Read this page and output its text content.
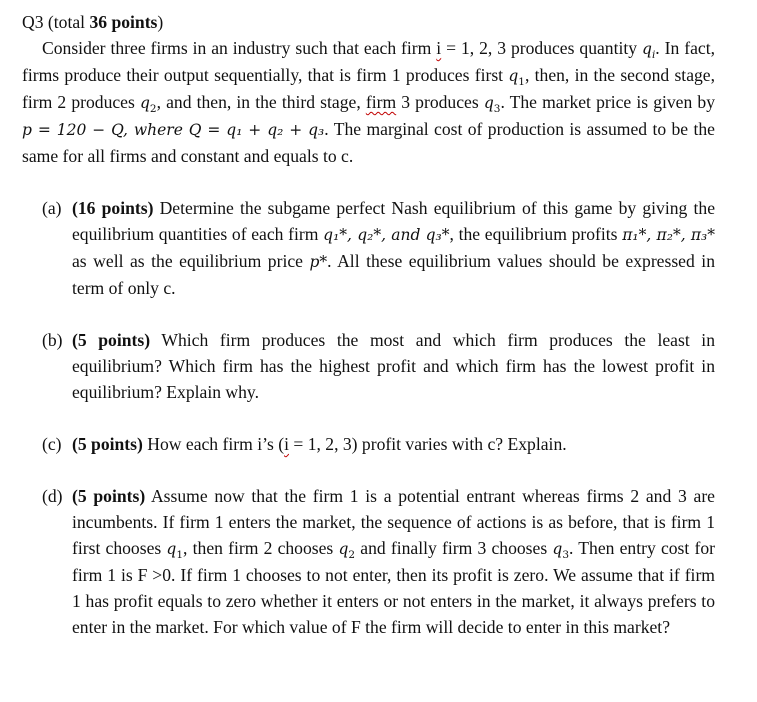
Q3 (total 36 points)

Consider three firms in an industry such that each firm i = 1, 2, 3 produces quantity $q_i$. In fact, firms produce their output sequentially, that is firm 1 produces first $q_1$, then, in the second stage, firm 2 produces $q_2$, and then, in the third stage, firm 3 produces $q_3$. The market price is given by p = 120 − Q, where Q = q₁ + q₂ + q₃. The marginal cost of production is assumed to be the same for all firms and constant and equals to c.

(a) (16 points) Determine the subgame perfect Nash equilibrium of this game by giving the equilibrium quantities of each firm q₁*, q₂*, and q₃*, the equilibrium profits π₁*, π₂*, π₃* as well as the equilibrium price p*. All these equilibrium values should be expressed in term of only c.

(b) (5 points) Which firm produces the most and which firm produces the least in equilibrium? Which firm has the highest profit and which firm has the lowest profit in equilibrium? Explain why.

(c) (5 points) How each firm i’s (i = 1, 2, 3) profit varies with c? Explain.

(d) (5 points) Assume now that the firm 1 is a potential entrant whereas firms 2 and 3 are incumbents. If firm 1 enters the market, the sequence of actions is as before, that is firm 1 first chooses $q_1$, then firm 2 chooses $q_2$ and finally firm 3 chooses $q_3$. Then entry cost for firm 1 is F >0. If firm 1 chooses to not enter, then its profit is zero. We assume that if firm 1 has profit equals to zero whether it enters or not enters in the market, it always prefers to enter in the market. For which value of F the firm will decide to enter in this market?
